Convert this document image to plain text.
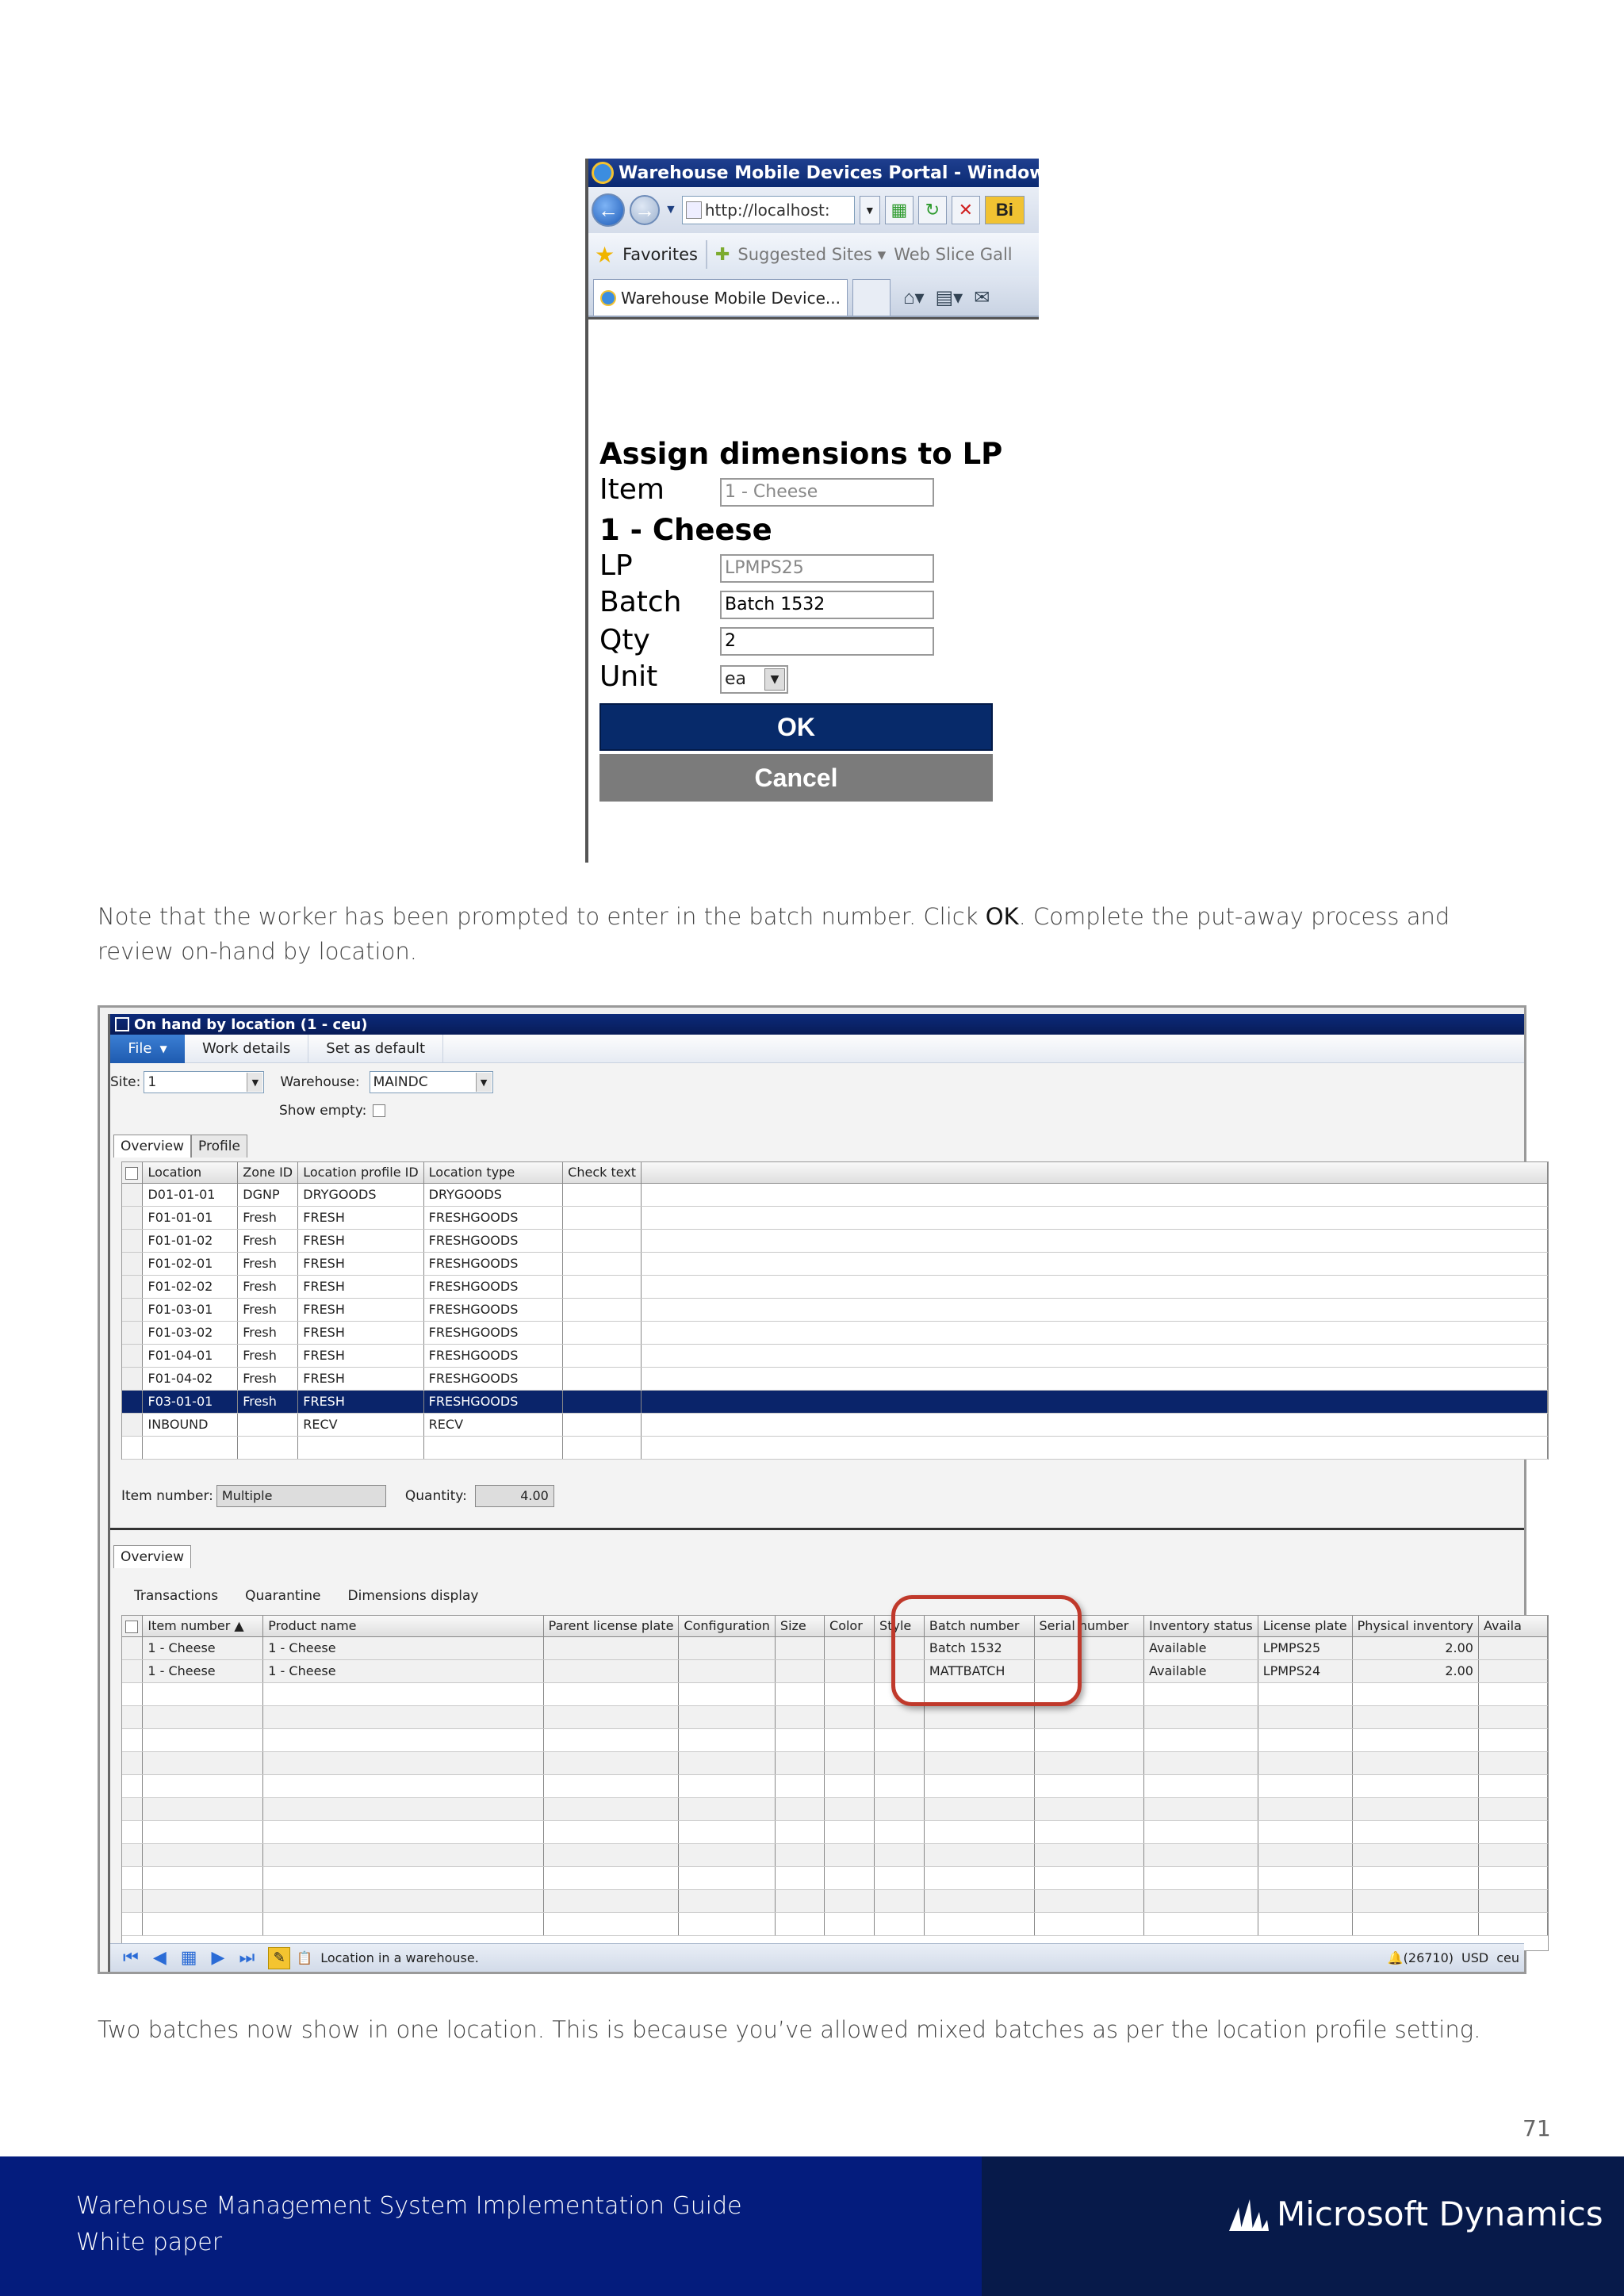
Warehouse Mobile Devices Portal - Windows Internet
← → ▼ http://localhost:	▼ ▦	↻	✕	Bi
★ Favorites ✚ Suggested Sites ▾ Web Slice Gall
Warehouse Mobile Device...	⌂▾ ▤▾ ✉
Assign dimensions to LP
Item	1 - Cheese
1 - Cheese
LP	LPMPS25
Batch Batch 1532
Qty	2
Unit	ea	▼
OK
Cancel

Note that the worker has been prompted to enter in the batch number. Click OK. Complete the put-away process and review on-hand by location.

On hand by location (1 - ceu)
File ▼	Work details	Set as default
Site: 1	▼	Warehouse: MAINDC	▼
Show empty:
Overview	Profile
	Location	Zone ID	Location profile ID	Location type	Check text	
	D01-01-01	DGNP	DRYGOODS	DRYGOODS		
	F01-01-01	Fresh	FRESH	FRESHGOODS		
	F01-01-02	Fresh	FRESH	FRESHGOODS		
	F01-02-01	Fresh	FRESH	FRESHGOODS		
	F01-02-02	Fresh	FRESH	FRESHGOODS		
	F01-03-01	Fresh	FRESH	FRESHGOODS		
	F01-03-02	Fresh	FRESH	FRESHGOODS		
	F01-04-01	Fresh	FRESH	FRESHGOODS		
	F01-04-02	Fresh	FRESH	FRESHGOODS		
	F03-01-01	Fresh	FRESH	FRESHGOODS		
	INBOUND		RECV	RECV		

Item number: Multiple	Quantity:	4.00
Overview
Transactions Quarantine Dimensions display
	Item number ▲	Product name	Parent license plate	Configuration	Size	Color	Style	Batch number	Serial number	Inventory status	License plate	Physical inventory	Availa
	1 - Cheese	1 - Cheese						Batch 1532		Available	LPMPS25	2.00	
	1 - Cheese	1 - Cheese						MATTBATCH		Available	LPMPS24	2.00	

⏮ ◀ ▦ ▶ ⏭	✎ 📋 Location in a warehouse.	🔔(26710) USD ceu

Two batches now show in one location. This is because you’ve allowed mixed batches as per the location profile setting.

71
Warehouse Management System Implementation Guide
White paper
Microsoft Dynamics
